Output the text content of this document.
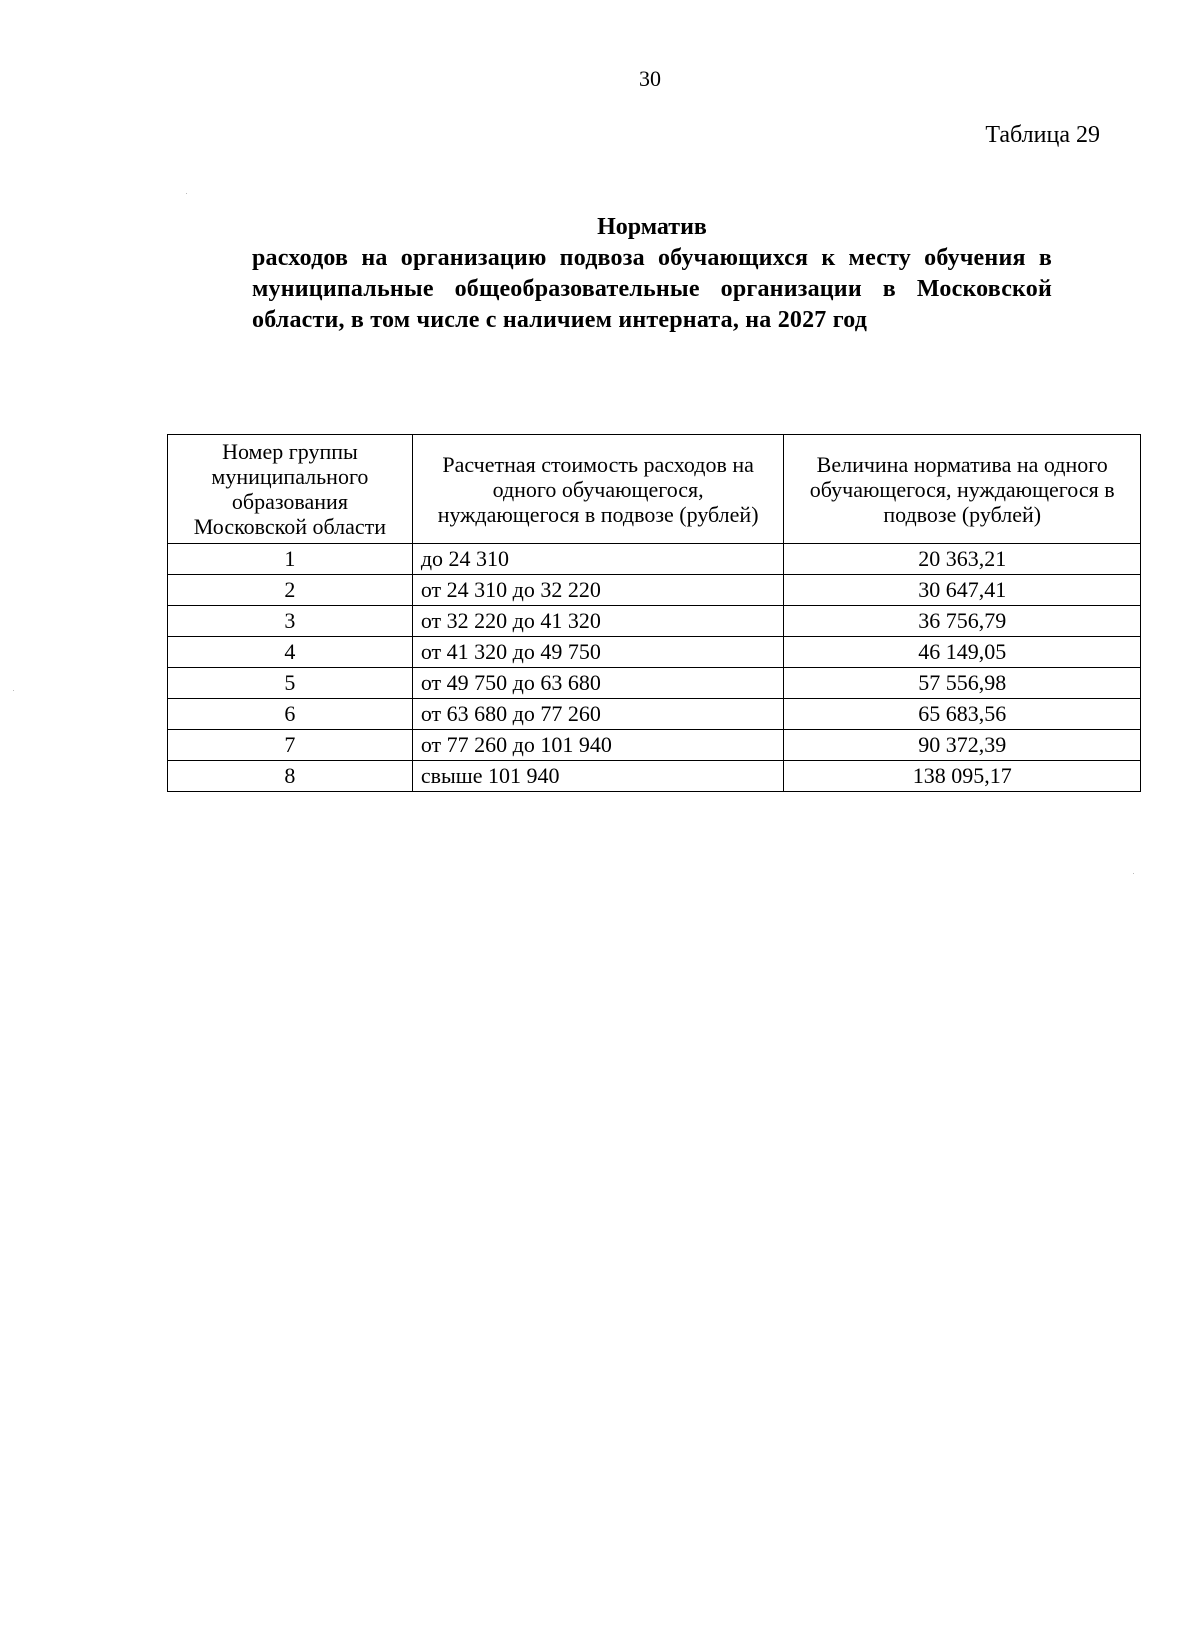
30
Таблица 29
Норматив
расходов на организацию подвоза обучающихся к месту обучения в муниципальные общеобразовательные организации в Московской области, в том числе с наличием интерната, на 2027 год
Номер группы муниципального образования Московской области	Расчетная стоимость расходов на одного обучающегося, нуждающегося в подвозе (рублей)	Величина норматива на одного обучающегося, нуждающегося в подвозе (рублей)
1	до 24 310	20 363,21
2	от 24 310 до 32 220	30 647,41
3	от 32 220 до 41 320	36 756,79
4	от 41 320 до 49 750	46 149,05
5	от 49 750 до 63 680	57 556,98
6	от 63 680 до 77 260	65 683,56
7	от 77 260 до 101 940	90 372,39
8	свыше 101 940	138 095,17
